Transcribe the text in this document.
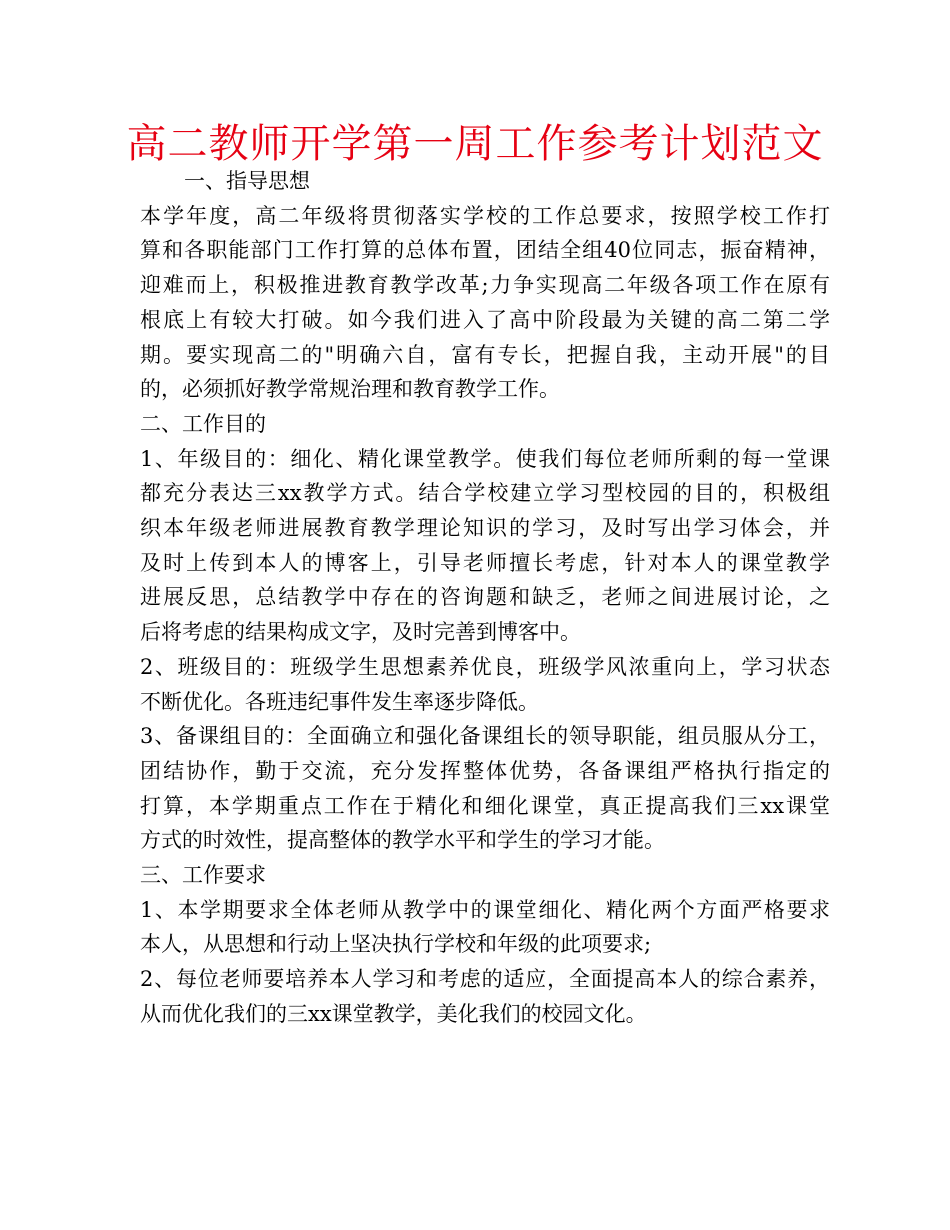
高二教师开学第一周工作参考计划范文
一、指导思想
本学年度，高二年级将贯彻落实学校的工作总要求，按照学校工作打
算和各职能部门工作打算的总体布置，团结全组40位同志，振奋精神，
迎难而上，积极推进教育教学改革;力争实现高二年级各项工作在原有
根底上有较大打破。如今我们进入了高中阶段最为关键的高二第二学
期。要实现高二的"明确六自，富有专长，把握自我，主动开展"的目
的，必须抓好教学常规治理和教育教学工作。
二、工作目的
1、年级目的：细化、精化课堂教学。使我们每位老师所剩的每一堂课
都充分表达三xx教学方式。结合学校建立学习型校园的目的，积极组
织本年级老师进展教育教学理论知识的学习，及时写出学习体会，并
及时上传到本人的博客上，引导老师擅长考虑，针对本人的课堂教学
进展反思，总结教学中存在的咨询题和缺乏，老师之间进展讨论，之
后将考虑的结果构成文字，及时完善到博客中。
2、班级目的：班级学生思想素养优良，班级学风浓重向上，学习状态
不断优化。各班违纪事件发生率逐步降低。
3、备课组目的：全面确立和强化备课组长的领导职能，组员服从分工，
团结协作，勤于交流，充分发挥整体优势，各备课组严格执行指定的
打算，本学期重点工作在于精化和细化课堂，真正提高我们三xx课堂
方式的时效性，提高整体的教学水平和学生的学习才能。
三、工作要求
1、本学期要求全体老师从教学中的课堂细化、精化两个方面严格要求
本人，从思想和行动上坚决执行学校和年级的此项要求;
2、每位老师要培养本人学习和考虑的适应，全面提高本人的综合素养，
从而优化我们的三xx课堂教学，美化我们的校园文化。
